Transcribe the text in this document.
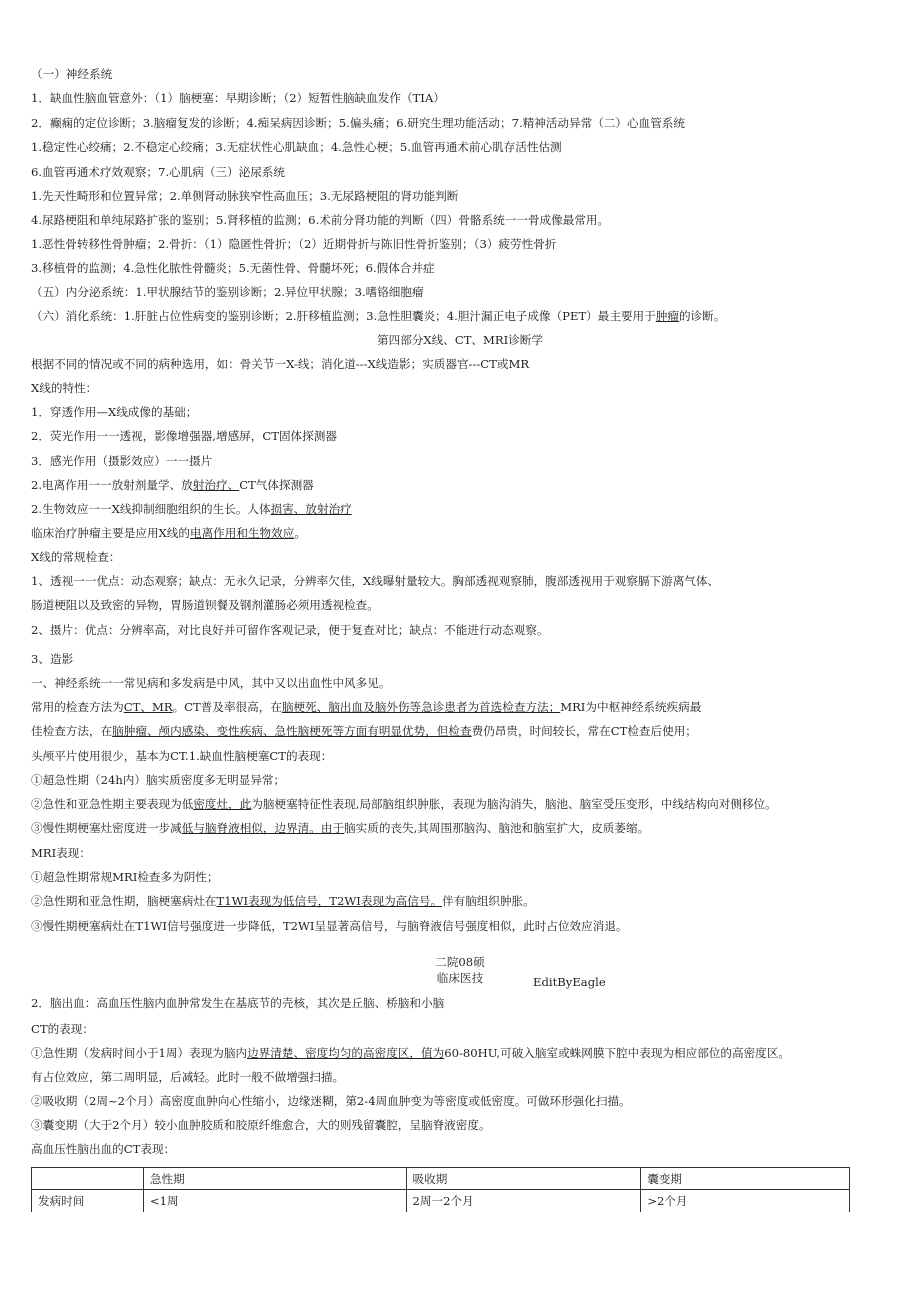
（一）神经系统
1．缺血性脑血管意外：（1）脑梗塞：早期诊断；（2）短暂性脑缺血发作（TIA）
2．癫痫的定位诊断；3.脑瘤复发的诊断；4.痴呆病因诊断；5.偏头痛；6.研究生理功能活动；7.精神活动异常（二）心血管系统
1.稳定性心绞痛；2.不稳定心绞痛；3.无症状性心肌缺血；4.急性心梗；5.血管再通术前心肌存活性估测
6.血管再通术疗效观察；7.心肌病（三）泌尿系统
1.先天性畸形和位置异常；2.单侧肾动脉狭窄性高血压；3.无尿路梗阻的肾功能判断
4.尿路梗阻和单纯尿路扩张的鉴别；5.肾移植的监测；6.术前分肾功能的判断（四）骨骼系统一一骨成像最常用。
1.恶性骨转移性骨肿瘤；2.骨折：（1）隐匿性骨折；（2）近期骨折与陈旧性骨折鉴别；（3）疲劳性骨折
3.移植骨的监测；4.急性化脓性骨髓炎；5.无菌性骨、骨髓坏死；6.假体合并症
（五）内分泌系统：1.甲状腺结节的鉴别诊断；2.异位甲状腺；3.嗜铬细胞瘤
（六）消化系统：1.肝脏占位性病变的鉴别诊断；2.肝移植监测；3.急性胆囊炎；4.胆汁漏正电子成像（PET）最主要用于肿瘤的诊断。
第四部分X线、CT、MRI诊断学
根据不同的情况或不同的病种选用，如：骨关节一X-线；消化道---X线造影；实质器官---CT或MR
X线的特性：
1．穿透作用—X线成像的基础；
2．荧光作用一一透视，影像增强器,增感屏，CT固体探测器
3．感光作用（摄影效应）一一摄片
2.电离作用一一放射剂量学、放射治疗、CT气体探测器
2.生物效应一一X线抑制细胞组织的生长。人体损害、放射治疗
临床治疗肿瘤主要是应用X线的电离作用和生物效应。
X线的常规检查：
1、透视一一优点：动态观察；缺点：无永久记录，分辨率欠佳，X线曝射量较大。胸部透视观察肺，腹部透视用于观察膈下游离气体、
肠道梗阻以及致密的异物，胃肠道钡餐及钢剂灌肠必须用透视检查。
2、摄片：优点：分辨率高，对比良好并可留作客观记录，便于复查对比；缺点：不能进行动态观察。
3、造影
一、神经系统一一常见病和多发病是中风，其中又以出血性中风多见。
常用的检查方法为CT、MR。CT普及率很高，在脑梗死、脑出血及脑外伤等急诊患者为首选检查方法；MRI为中枢神经系统疾病最
佳检查方法，在脑肿瘤、颅内感染、变性疾病、急性脑梗死等方面有明显优势，但检查费仍昂贵，时间较长，常在CT检查后使用；
头颅平片使用很少，基本为CT.1.缺血性脑梗塞CT的表现：
①超急性期（24h内）脑实质密度多无明显异常；
②急性和亚急性期主要表现为低密度灶，此为脑梗塞特征性表现,局部脑组织肿胀，表现为脑沟消失，脑池、脑室受压变形，中线结构向对侧移位。
③慢性期梗塞灶密度进一步减低与脑脊液相似，边界清。由于脑实质的丧失,其周围那脑沟、脑池和脑室扩大，皮质萎缩。
MRI表现：
①超急性期常规MRI检查多为阴性；
②急性期和亚急性期，脑梗塞病灶在T1WI表现为低信号，T2WI表现为高信号。伴有脑组织肿胀。
③慢性期梗塞病灶在T1WI信号强度进一步降低，T2WI呈显著高信号，与脑脊液信号强度相似，此时占位效应消退。
二院08硕
临床医技	EditByEagle
2．脑出血：高血压性脑内血肿常发生在基底节的壳核，其次是丘脑、桥脑和小脑
CT的表现：
①急性期（发病时间小于1周）表现为脑内边界清楚、密度均匀的高密度区，值为60-80HU,可破入脑室或蛛网膜下腔中表现为相应部位的高密度区。
有占位效应，第二周明显，后减轻。此时一般不做增强扫描。
②吸收期（2周~2个月）高密度血肿向心性缩小，边缘迷糊，第2-4周血肿变为等密度或低密度。可做环形强化扫描。
③囊变期（大于2个月）较小血肿胶质和胶原纤维愈合，大的则残留囊腔，呈脑脊液密度。
高血压性脑出血的CT表现：
	急性期	吸收期	囊变期
发病时间	<1周	2周一2个月	>2个月
